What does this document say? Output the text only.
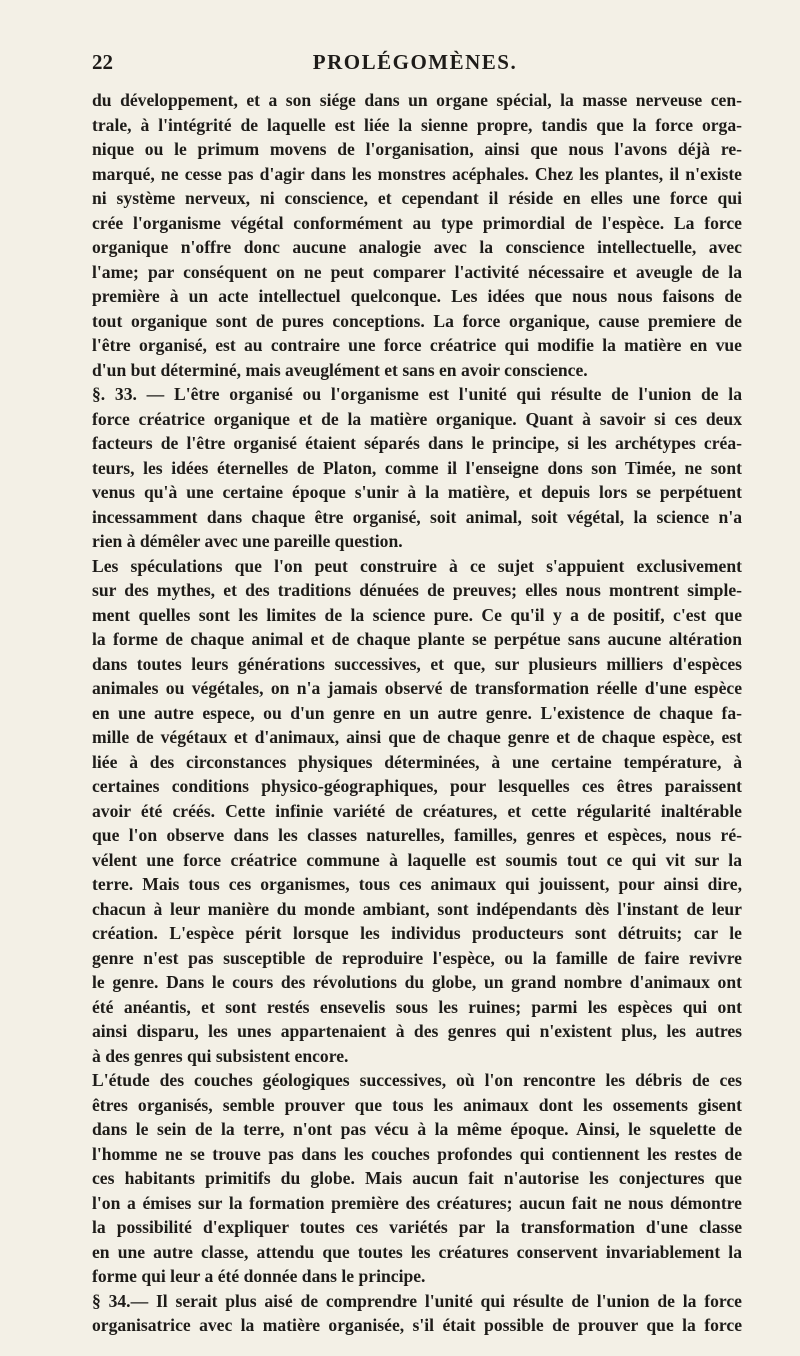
22	PROLÉGOMÈNES.
du développement, et a son siége dans un organe spécial, la masse nerveuse cen-
trale, à l'intégrité de laquelle est liée la sienne propre, tandis que la force orga-
nique ou le primum movens de l'organisation, ainsi que nous l'avons déjà re-
marqué, ne cesse pas d'agir dans les monstres acéphales. Chez les plantes, il n'existe
ni système nerveux, ni conscience, et cependant il réside en elles une force qui
crée l'organisme végétal conformément au type primordial de l'espèce. La force
organique n'offre donc aucune analogie avec la conscience intellectuelle, avec
l'ame; par conséquent on ne peut comparer l'activité nécessaire et aveugle de la
première à un acte intellectuel quelconque. Les idées que nous nous faisons de
tout organique sont de pures conceptions. La force organique, cause premiere de
l'être organisé, est au contraire une force créatrice qui modifie la matière en vue
d'un but déterminé, mais aveuglément et sans en avoir conscience.
§. 33. — L'être organisé ou l'organisme est l'unité qui résulte de l'union de la
force créatrice organique et de la matière organique. Quant à savoir si ces deux
facteurs de l'être organisé étaient séparés dans le principe, si les archétypes créa-
teurs, les idées éternelles de Platon, comme il l'enseigne dons son Timée, ne sont
venus qu'à une certaine époque s'unir à la matière, et depuis lors se perpétuent
incessamment dans chaque être organisé, soit animal, soit végétal, la science n'a
rien à démêler avec une pareille question.
Les spéculations que l'on peut construire à ce sujet s'appuient exclusivement
sur des mythes, et des traditions dénuées de preuves; elles nous montrent simple-
ment quelles sont les limites de la science pure. Ce qu'il y a de positif, c'est que
la forme de chaque animal et de chaque plante se perpétue sans aucune altération
dans toutes leurs générations successives, et que, sur plusieurs milliers d'espèces
animales ou végétales, on n'a jamais observé de transformation réelle d'une espèce
en une autre espece, ou d'un genre en un autre genre. L'existence de chaque fa-
mille de végétaux et d'animaux, ainsi que de chaque genre et de chaque espèce, est
liée à des circonstances physiques déterminées, à une certaine température, à
certaines conditions physico-géographiques, pour lesquelles ces êtres paraissent
avoir été créés. Cette infinie variété de créatures, et cette régularité inaltérable
que l'on observe dans les classes naturelles, familles, genres et espèces, nous ré-
vélent une force créatrice commune à laquelle est soumis tout ce qui vit sur la
terre. Mais tous ces organismes, tous ces animaux qui jouissent, pour ainsi dire,
chacun à leur manière du monde ambiant, sont indépendants dès l'instant de leur
création. L'espèce périt lorsque les individus producteurs sont détruits; car le
genre n'est pas susceptible de reproduire l'espèce, ou la famille de faire revivre
le genre. Dans le cours des révolutions du globe, un grand nombre d'animaux ont
été anéantis, et sont restés ensevelis sous les ruines; parmi les espèces qui ont
ainsi disparu, les unes appartenaient à des genres qui n'existent plus, les autres
à des genres qui subsistent encore.
L'étude des couches géologiques successives, où l'on rencontre les débris de ces
êtres organisés, semble prouver que tous les animaux dont les ossements gisent
dans le sein de la terre, n'ont pas vécu à la même époque. Ainsi, le squelette de
l'homme ne se trouve pas dans les couches profondes qui contiennent les restes de
ces habitants primitifs du globe. Mais aucun fait n'autorise les conjectures que
l'on a émises sur la formation première des créatures; aucun fait ne nous démontre
la possibilité d'expliquer toutes ces variétés par la transformation d'une classe
en une autre classe, attendu que toutes les créatures conservent invariablement la
forme qui leur a été donnée dans le principe.
§ 34.— Il serait plus aisé de comprendre l'unité qui résulte de l'union de la force
organisatrice avec la matière organisée, s'il était possible de prouver que la force
